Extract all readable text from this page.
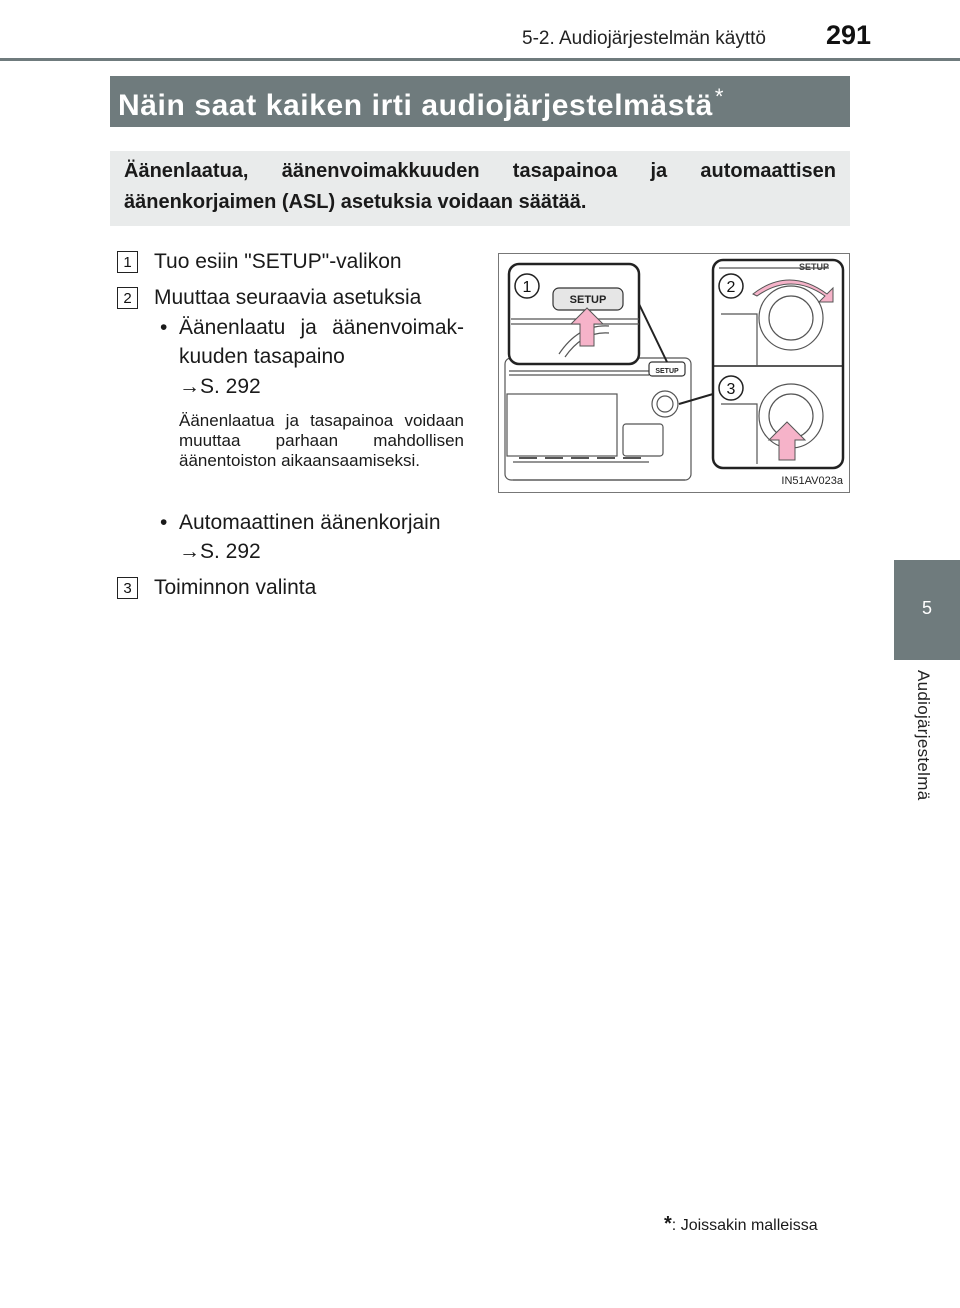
5-2. Audiojärjestelmän käyttö 291
5
Audiojärjestelmä
Näin saat kaiken irti audiojärjestelmästä*
Äänenlaatua, äänenvoimakkuuden tasapainoa ja automaattisen äänenkorjaimen (ASL) asetuksia voidaan säätää.
1	Tuo esiin "SETUP"-valikon
2	Muuttaa seuraavia asetuksia
• Äänenlaatu ja äänenvoimak-
kuuden tasapaino
→S. 292
Äänenlaatua ja tasapainoa voidaan muuttaa parhaan mahdollisen äänentoiston aikaansaamiseksi.
• Automaattinen äänenkorjain
→S. 292
3	Toiminnon valinta
SETUP
SETUP
1
SETUP
2
3
IN51AV023a
*: Joissakin malleissa
